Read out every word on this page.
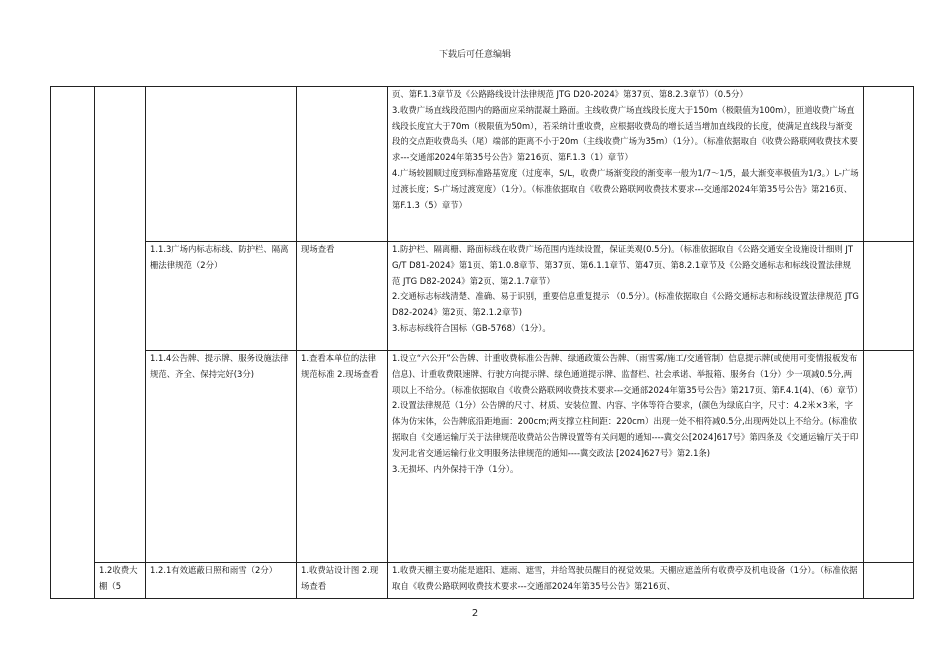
下载后可任意编辑

				页、第F.1.3章节及《公路路线设计法律规范 JTG D20-2024》第37页、第8.2.3章节）（0.5分）

3.收费广场直线段范围内的路面应采纳混凝土路面。主线收费广场直线段长度大于150m（极限值为100m），匝道收费广场直线段长度宜大于70m（极限值为50m），若采纳计重收费，应根据收费岛的增长适当增加直线段的长度，使满足直线段与渐变段的交点距收费岛头（尾）端部的距离不小于20m（主线收费广场为35m）（1分）。（标准依据取自《收费公路联网收费技术要求---交通部2024年第35号公告》第216页、第F.1.3（1）章节）

4.广场较圆顺过度到标准路基宽度（过度率，S/L，收费广场渐变段的渐变率一般为1/7～1/5，最大渐变率极值为1/3。）L-广场过渡长度；S-广场过渡宽度）（1分）。（标准依据取自《收费公路联网收费技术要求---交通部2024年第35号公告》第216页、第F.1.3（5）章节）	

		1.1.3广场内标志标线、防护栏、隔离栅法律规范（2分）	现场查看	1.防护栏、隔离栅、路面标线在收费广场范围内连续设置，保证美观(0.5分)。（标准依据取自《公路交通安全设施设计细则 JTG/T D81-2024》第1页、第1.0.8章节、第37页、第6.1.1章节、第47页、第8.2.1章节及《公路交通标志和标线设置法律规范 JTG D82-2024》第2页、第2.1.7章节）

2.交通标志标线清楚、准确、易于识别，重要信息重复提示 （0.5分）。(标准依据取自《公路交通标志和标线设置法律规范 JTG D82-2024》第2页、第2.1.2章节)

3.标志标线符合国标（GB-5768）（1分）。	

		1.1.4公告牌、提示牌、服务设施法律规范、齐全、保持完好(3分)	1.查看本单位的法律规范标准 2.现场查看	1.设立“六公开”公告牌、计重收费标准公告牌、绿通政策公告牌、（雨雪雾/施工/交通管制）信息提示牌(或使用可变情报板发布信息)、计重收费限速牌、行驶方向提示牌、绿色通道提示牌、监督栏、社会承诺、举报箱、服务台（1分）少一项减0.5分,两项以上不给分。（标准依据取自《收费公路联网收费技术要求---交通部2024年第35号公告》第217页、第F.4.1(4)、（6）章节）

2.设置法律规范（1分）公告牌的尺寸、材质、安装位置、内容、字体等符合要求，(颜色为绿底白字，尺寸：4.2米×3米，字体为仿宋体，公告牌底沿距地面：200cm;两支撑立柱间距：220cm）出现一处不相符减0.5分,出现两处以上不给分。(标准依据取自《交通运输厅关于法律规范收费站公告牌设置等有关问题的通知----冀交公[2024]617号》第四条及《交通运输厅关于印发河北省交通运输行业文明服务法律规范的通知----冀交政法 [2024]627号》第2.1条)

3.无损坏、内外保持干净（1分）。	

	1.2收费大棚（5	1.2.1有效遮蔽日照和雨雪（2分）	1.收费站设计图 2.现场查看	1.收费天棚主要功能是遮阳、遮雨、遮雪，并给驾驶员醒目的视觉效果。天棚应遮盖所有收费亭及机电设备（1分）。（标准依据取自《收费公路联网收费技术要求---交通部2024年第35号公告》第216页、	

2
